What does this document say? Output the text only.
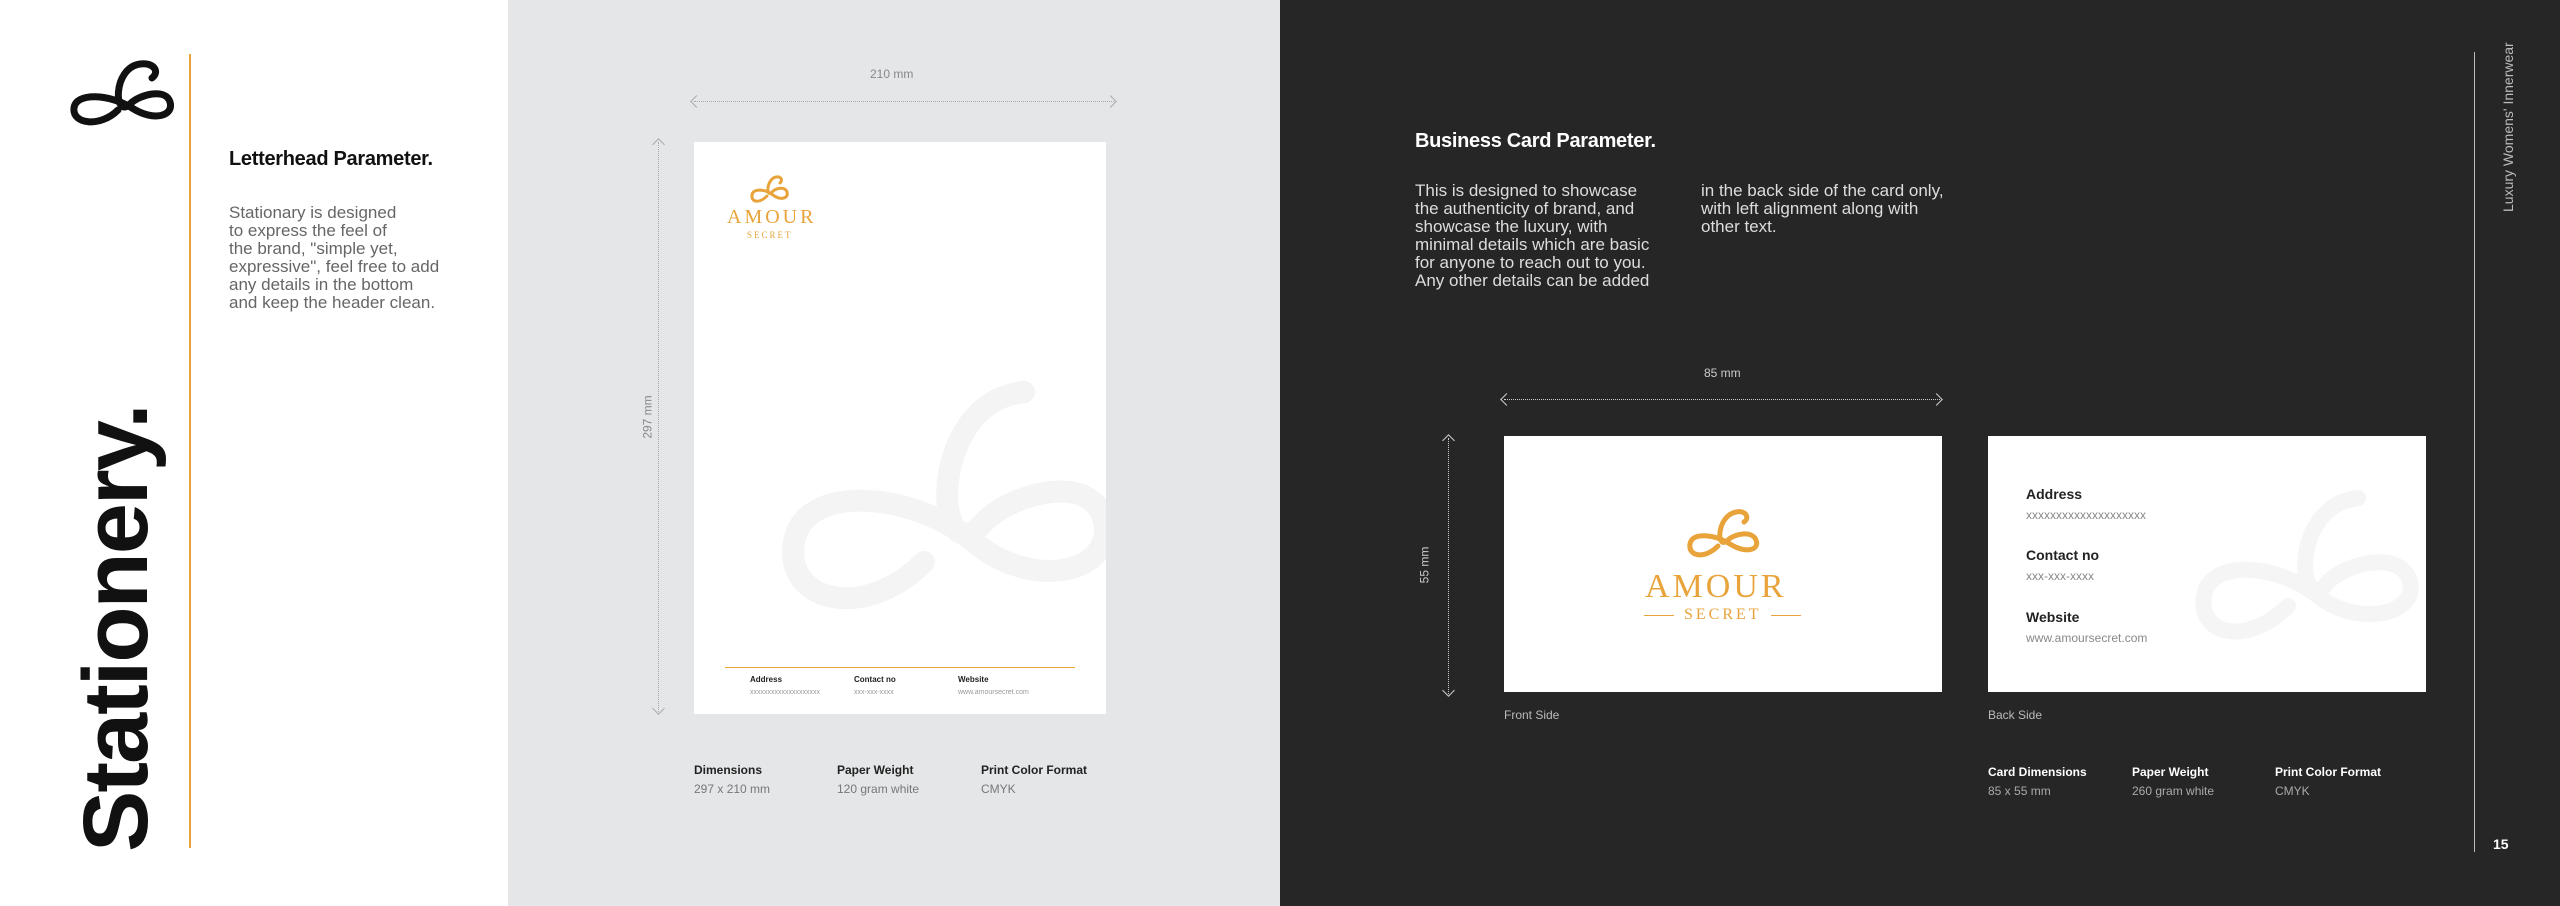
Stationery.
Letterhead Parameter.
Stationary is designed
to express the feel of
the brand, "simple yet,
expressive", feel free to add
any details in the bottom
and keep the header clean.
210 mm
297 mm
AMOUR
SECRET
Address
xxxxxxxxxxxxxxxxxxxx
Contact no
xxx-xxx-xxxx
Website
www.amoursecret.com
Dimensions
297 x 210 mm
Paper Weight
120 gram white
Print Color Format
CMYK
Business Card Parameter.
This is designed to showcase
the authenticity of brand, and
showcase the luxury, with
minimal details which are basic
for anyone to reach out to you.
Any other details can be added
in the back side of the card only,
with left alignment along with
other text.
85 mm
55 mm
AMOUR
SECRET
Front Side
Address
xxxxxxxxxxxxxxxxxxxx
Contact no
xxx-xxx-xxxx
Website
www.amoursecret.com
Back Side
Card Dimensions
85 x 55 mm
Paper Weight
260 gram white
Print Color Format
CMYK
Luxury Womens' Innerwear
15
